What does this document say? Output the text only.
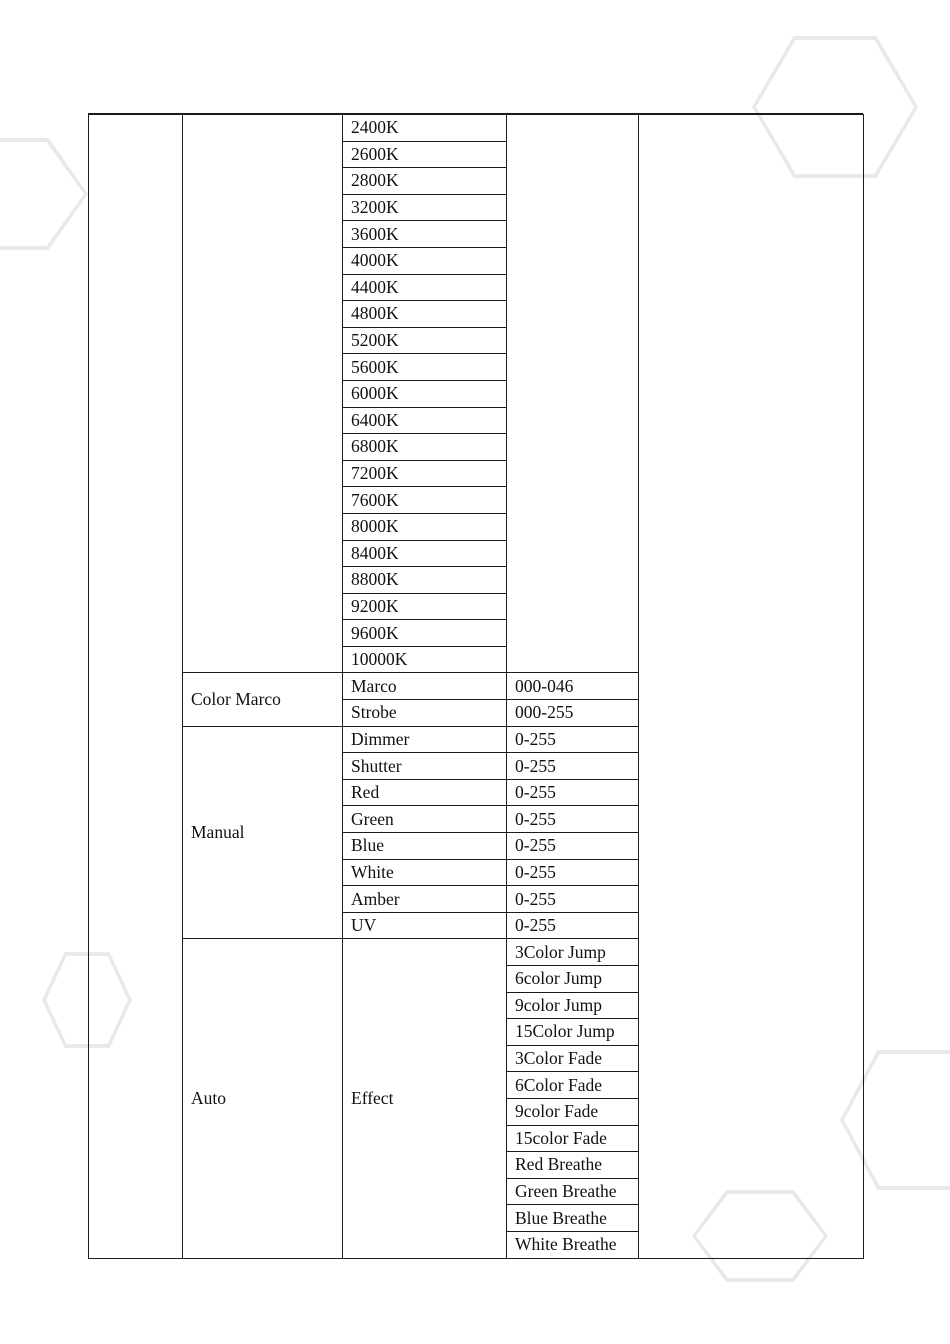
		2400K		
		2600K		
		2800K		
		3200K		
		3600K		
		4000K		
		4400K		
		4800K		
		5200K		
		5600K		
		6000K		
		6400K		
		6800K		
		7200K		
		7600K		
		8000K		
		8400K		
		8800K		
		9200K		
		9600K		
		10000K		
	Color Marco	Marco	000-046	
		Strobe	000-255	
	Manual	Dimmer	0-255	
		Shutter	0-255	
		Red	0-255	
		Green	0-255	
		Blue	0-255	
		White	0-255	
		Amber	0-255	
		UV	0-255	
	Auto	Effect	3Color Jump	
			6color Jump	
			9color Jump	
			15Color Jump	
			3Color Fade	
			6Color Fade	
			9color Fade	
			15color Fade	
			Red Breathe	
			Green Breathe	
			Blue Breathe	
			White Breathe	
